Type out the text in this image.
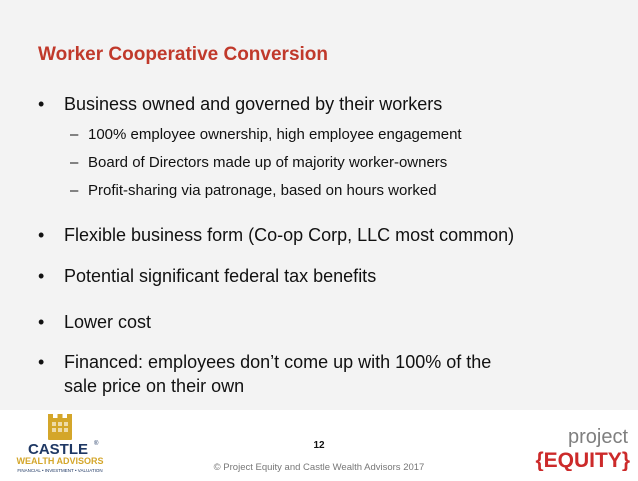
Worker Cooperative Conversion
• Business owned and governed by their workers
– 100% employee ownership, high employee engagement
– Board of Directors made up of majority worker-owners
– Profit-sharing via patronage, based on hours worked
• Flexible business form (Co-op Corp, LLC most common)
• Potential significant federal tax benefits
• Lower cost
• Financed: employees don’t come up with 100% of the
sale price on their own
CASTLE ®
WEALTH ADVISORS
FINANCIAL • INVESTMENT • VALUATION
12
© Project Equity and Castle Wealth Advisors 2017
project
{EQUITY}
